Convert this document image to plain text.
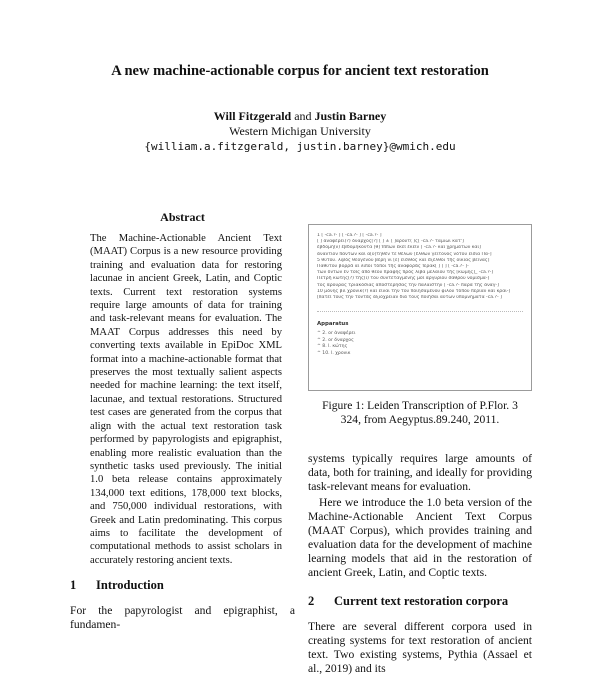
A new machine-actionable corpus for ancient text restoration
Will Fitzgerald and Justin Barney
Western Michigan University
{william.a.fitzgerald, justin.barney}@wmich.edu
Abstract
The Machine-Actionable Ancient Text (MAAT) Corpus is a new resource providing training and evaluation data for restoring lacunae in ancient Greek, Latin, and Coptic texts. Current text restoration systems require large amounts of data for training and task-relevant means for evaluation. The MAAT Corpus addresses this need by converting texts available in EpiDoc XML format into a machine-actionable format that preserves the most textually salient aspects needed for machine learning: the text itself, lacunae, and textual restorations. Structured test cases are generated from the corpus that align with the actual text restoration task performed by papyrologists and epigraphist, enabling more realistic evaluation than the synthetic tasks used previously. The initial 1.0 beta release contains approximately 134,000 text editions, 178,000 text blocks, and 750,000 individual restorations, with Greek and Latin predominating. This corpus aims to facilitate the development of computational methods to assist scholars in accurately restoring ancient texts.
1 Introduction
For the papyrologist and epigraphist, a fundamen-
1 [ -ca.?- ] [ -ca.?- ] [ -ca.?- ]
[ ] ἀναφέρει(?) ὄναρχος[?] [ ] ± [ ]αρουτ( )ς[ -ca.?- ταμιωι κατ']
ἑβδομή(ν) ἑβδομήκοντα [θ] Ἰππων ἐκεῖ ἐκεῖν [ -ca.?- καὶ χρημάτων καὶ]
ἀναντίον πάντων καὶ α[ὐ]τηθὲν τε θέλων [ἔλθων γείτονος νότου εἰσια Πα-]
5 θύτου. λιβὸς θεογένου βέρη νι [ε] εἰσιθος καὶ ἐξέλθοι τῆς οἰκίας βείνας]
Παθύτου βορρᾶ αὶ λιποὶ τόποι τῆς ἀναφορᾶς Ἰερακ[ ] [ ] [ -ca.?- ]-
των ὄντων ἐν τοῖς ἀπὸ θεοῦ πραφής πρὸς λίβα μελαίου τῆς [κώμης]_ -ca.?-]
Πετρῆ κώτης(?) τῆς(ὶ) τοῦ συντεταγμένης μοῖ ἀργυρίου σαθροῦ νομίσμα-]
τος ἄρουρας τριακόσιας ἀποστερήσας τὴν παλαιστὴν [ -ca.?- παρὰ τῆς ἀναγ-]
10 μόνης βιὶ χρονικ(?) καὶ εἶναι τὴν τοῦ ποιησαμένου φιλοῦ τόπου περίαν καὶ κραι-]
[πατεῖ τους τὴν τοντᾶς ἀξιοχρειαν διὰ τοῦς ποιῆσαι αὐτῶν ὑπομνήματα -ca.?- ]
Apparatus
^ 2. or ἀναφέρει
^ 2. or ὄναρχος
^ 8. l. κώτης
^ 10. l. χρονικ
Figure 1: Leiden Transcription of P.Flor. 3 324, from Aegyptus.89.240, 2011.
systems typically requires large amounts of data, both for training, and ideally for providing task-relevant means for evaluation.
Here we introduce the 1.0 beta version of the Machine-Actionable Ancient Text Corpus (MAAT Corpus), which provides training and evaluation data for the development of machine learning models that aid in the restoration of ancient Greek, Latin, and Coptic texts.
2 Current text restoration corpora
There are several different corpora used in creating systems for text restoration of ancient text. Two existing systems, Pythia (Assael et al., 2019) and its
